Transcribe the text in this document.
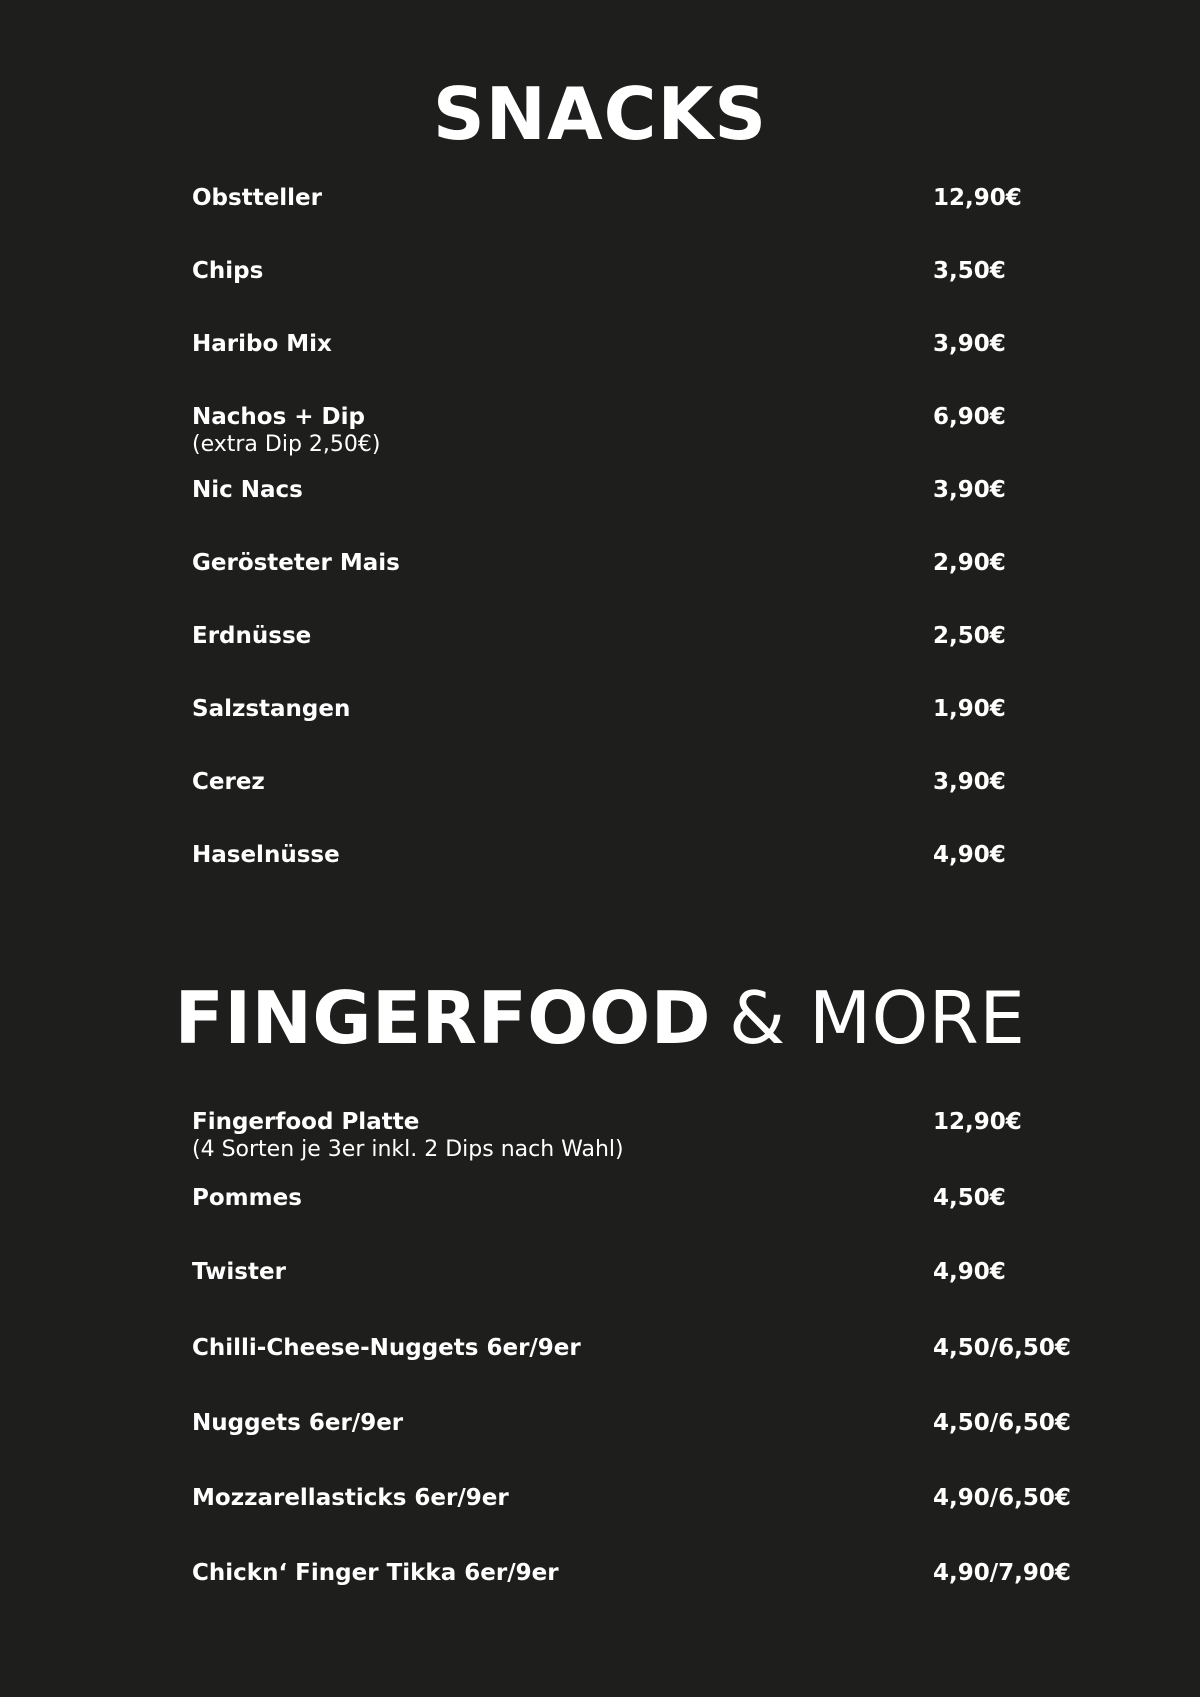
SNACKS
FINGERFOOD & MORE
Obstteller	12,90€
Chips	3,50€
Haribo Mix	3,90€
Nachos + Dip	6,90€
(extra Dip 2,50€)
Nic Nacs	3,90€
Gerösteter Mais	2,90€
Erdnüsse	2,50€
Salzstangen	1,90€
Cerez	3,90€
Haselnüsse	4,90€
Fingerfood Platte	12,90€
(4 Sorten je 3er inkl. 2 Dips nach Wahl)
Pommes	4,50€
Twister	4,90€
Chilli-Cheese-Nuggets 6er/9er	4,50/6,50€
Nuggets 6er/9er	4,50/6,50€
Mozzarellasticks 6er/9er	4,90/6,50€
Chickn‘ Finger Tikka 6er/9er	4,90/7,90€
